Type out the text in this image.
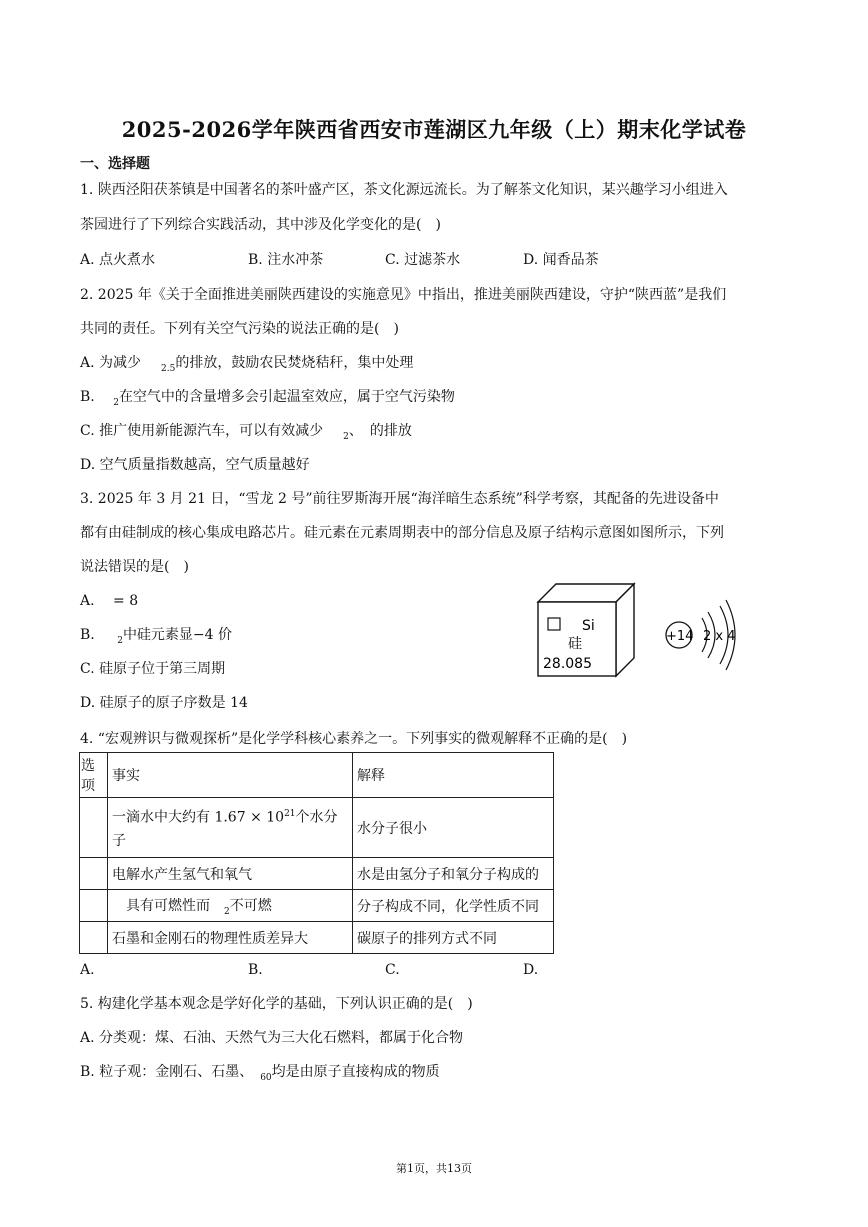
2025-2026学年陕西省西安市莲湖区九年级（上）期末化学试卷
一、选择题
1. 陕西泾阳茯茶镇是中国著名的茶叶盛产区，茶文化源远流长。为了解茶文化知识，某兴趣学习小组进入
茶园进行了下列综合实践活动，其中涉及化学变化的是(　)
A. 点火煮水	B. 注水冲茶	C. 过滤茶水	D. 闻香品茶
2. 2025 年《关于全面推进美丽陕西建设的实施意见》中指出，推进美丽陕西建设，守护“陕西蓝”是我们
共同的责任。下列有关空气污染的说法正确的是(　)
A. 为减少 $_{2.5}$的排放，鼓励农民焚烧秸秆，集中处理
B. $_2$在空气中的含量增多会引起温室效应，属于空气污染物
C. 推广使用新能源汽车，可以有效减少 $_2$、　的排放
D. 空气质量指数越高，空气质量越好
3. 2025 年 3 月 21 日，“雪龙 2 号”前往罗斯海开展“海洋暗生态系统”科学考察，其配备的先进设备中
都有由硅制成的核心集成电路芯片。硅元素在元素周期表中的部分信息及原子结构示意图如图所示，下列
说法错误的是(　)
A. 　= 8
B. $_2$中硅元素显−4 价
C. 硅原子位于第三周期
D. 硅原子的原子序数是 14
Si
硅
28.085
+14 2 x 4
4. “宏观辨识与微观探析”是化学学科核心素养之一。下列事实的微观解释不正确的是(　)
选项	事实	解释
	一滴水中大约有 $1.67 \times 10^{21}$个水分子	水分子很小
	电解水产生氢气和氧气	水是由氢分子和氧分子构成的
	　具有可燃性而　$_2$不可燃	分子构成不同，化学性质不同
	石墨和金刚石的物理性质差异大	碳原子的排列方式不同
A.	B.	C.	D.
5. 构建化学基本观念是学好化学的基础，下列认识正确的是(　)
A. 分类观：煤、石油、天然气为三大化石燃料，都属于化合物
B. 粒子观：金刚石、石墨、　$_{60}$均是由原子直接构成的物质
第1页，共13页
